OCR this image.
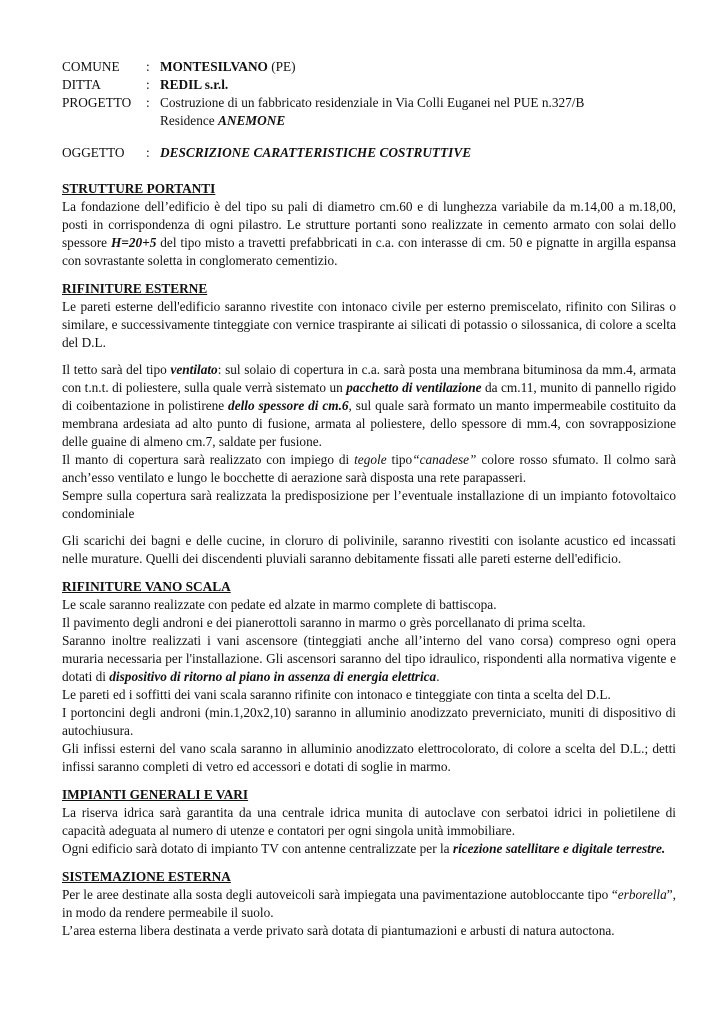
COMUNE	: MONTESILVANO (PE)
DITTA	: REDIL s.r.l.
PROGETTO	: Costruzione di un fabbricato residenziale in Via Colli Euganei nel PUE n.327/B
Residence ANEMONE
OGGETTO	: DESCRIZIONE CARATTERISTICHE COSTRUTTIVE
STRUTTURE PORTANTI

La fondazione dell’edificio è del tipo su pali di diametro cm.60 e di lunghezza variabile da m.14,00 a m.18,00, posti in corrispondenza di ogni pilastro. Le strutture portanti sono realizzate in cemento armato con solai dello spessore H=20+5 del tipo misto a travetti prefabbricati in c.a. con interasse di cm. 50 e pignatte in argilla espansa con sovrastante soletta in conglomerato cementizio.

RIFINITURE ESTERNE

Le pareti esterne dell'edificio saranno rivestite con intonaco civile per esterno premiscelato, rifinito con Siliras o similare, e successivamente tinteggiate con vernice traspirante ai silicati di potassio o silossanica, di colore a scelta del D.L.

Il tetto sarà del tipo ventilato: sul solaio di copertura in c.a. sarà posta una membrana bituminosa da mm.4, armata con t.n.t. di poliestere, sulla quale verrà sistemato un pacchetto di ventilazione da cm.11, munito di pannello rigido di coibentazione in polistirene dello spessore di cm.6, sul quale sarà formato un manto impermeabile costituito da membrana ardesiata ad alto punto di fusione, armata al poliestere, dello spessore di mm.4, con sovrapposizione delle guaine di almeno cm.7, saldate per fusione.

Il manto di copertura sarà realizzato con impiego di tegole tipo“canadese” colore rosso sfumato. Il colmo sarà anch’esso ventilato e lungo le bocchette di aerazione sarà disposta una rete parapasseri.

Sempre sulla copertura sarà realizzata la predisposizione per l’eventuale installazione di un impianto fotovoltaico condominiale

Gli scarichi dei bagni e delle cucine, in cloruro di polivinile, saranno rivestiti con isolante acustico ed incassati nelle murature. Quelli dei discendenti pluviali saranno debitamente fissati alle pareti esterne dell'edificio.

RIFINITURE VANO SCALA

Le scale saranno realizzate con pedate ed alzate in marmo complete di battiscopa.

Il pavimento degli androni e dei pianerottoli saranno in marmo o grès porcellanato di prima scelta.

Saranno inoltre realizzati i vani ascensore (tinteggiati anche all’interno del vano corsa) compreso ogni opera muraria necessaria per l'installazione. Gli ascensori saranno del tipo idraulico, rispondenti alla normativa vigente e dotati di dispositivo di ritorno al piano in assenza di energia elettrica.

Le pareti ed i soffitti dei vani scala saranno rifinite con intonaco e tinteggiate con tinta a scelta del D.L.

I portoncini degli androni (min.1,20x2,10) saranno in alluminio anodizzato preverniciato, muniti di dispositivo di autochiusura.

Gli infissi esterni del vano scala saranno in alluminio anodizzato elettrocolorato, di colore a scelta del D.L.; detti infissi saranno completi di vetro ed accessori e dotati di soglie in marmo.

IMPIANTI GENERALI E VARI

La riserva idrica sarà garantita da una centrale idrica munita di autoclave con serbatoi idrici in polietilene di capacità adeguata al numero di utenze e contatori per ogni singola unità immobiliare.

Ogni edificio sarà dotato di impianto TV con antenne centralizzate per la ricezione satellitare e digitale terrestre.

SISTEMAZIONE ESTERNA

Per le aree destinate alla sosta degli autoveicoli sarà impiegata una pavimentazione autobloccante tipo “erborella”, in modo da rendere permeabile il suolo.

L’area esterna libera destinata a verde privato sarà dotata di piantumazioni e arbusti di natura autoctona.
